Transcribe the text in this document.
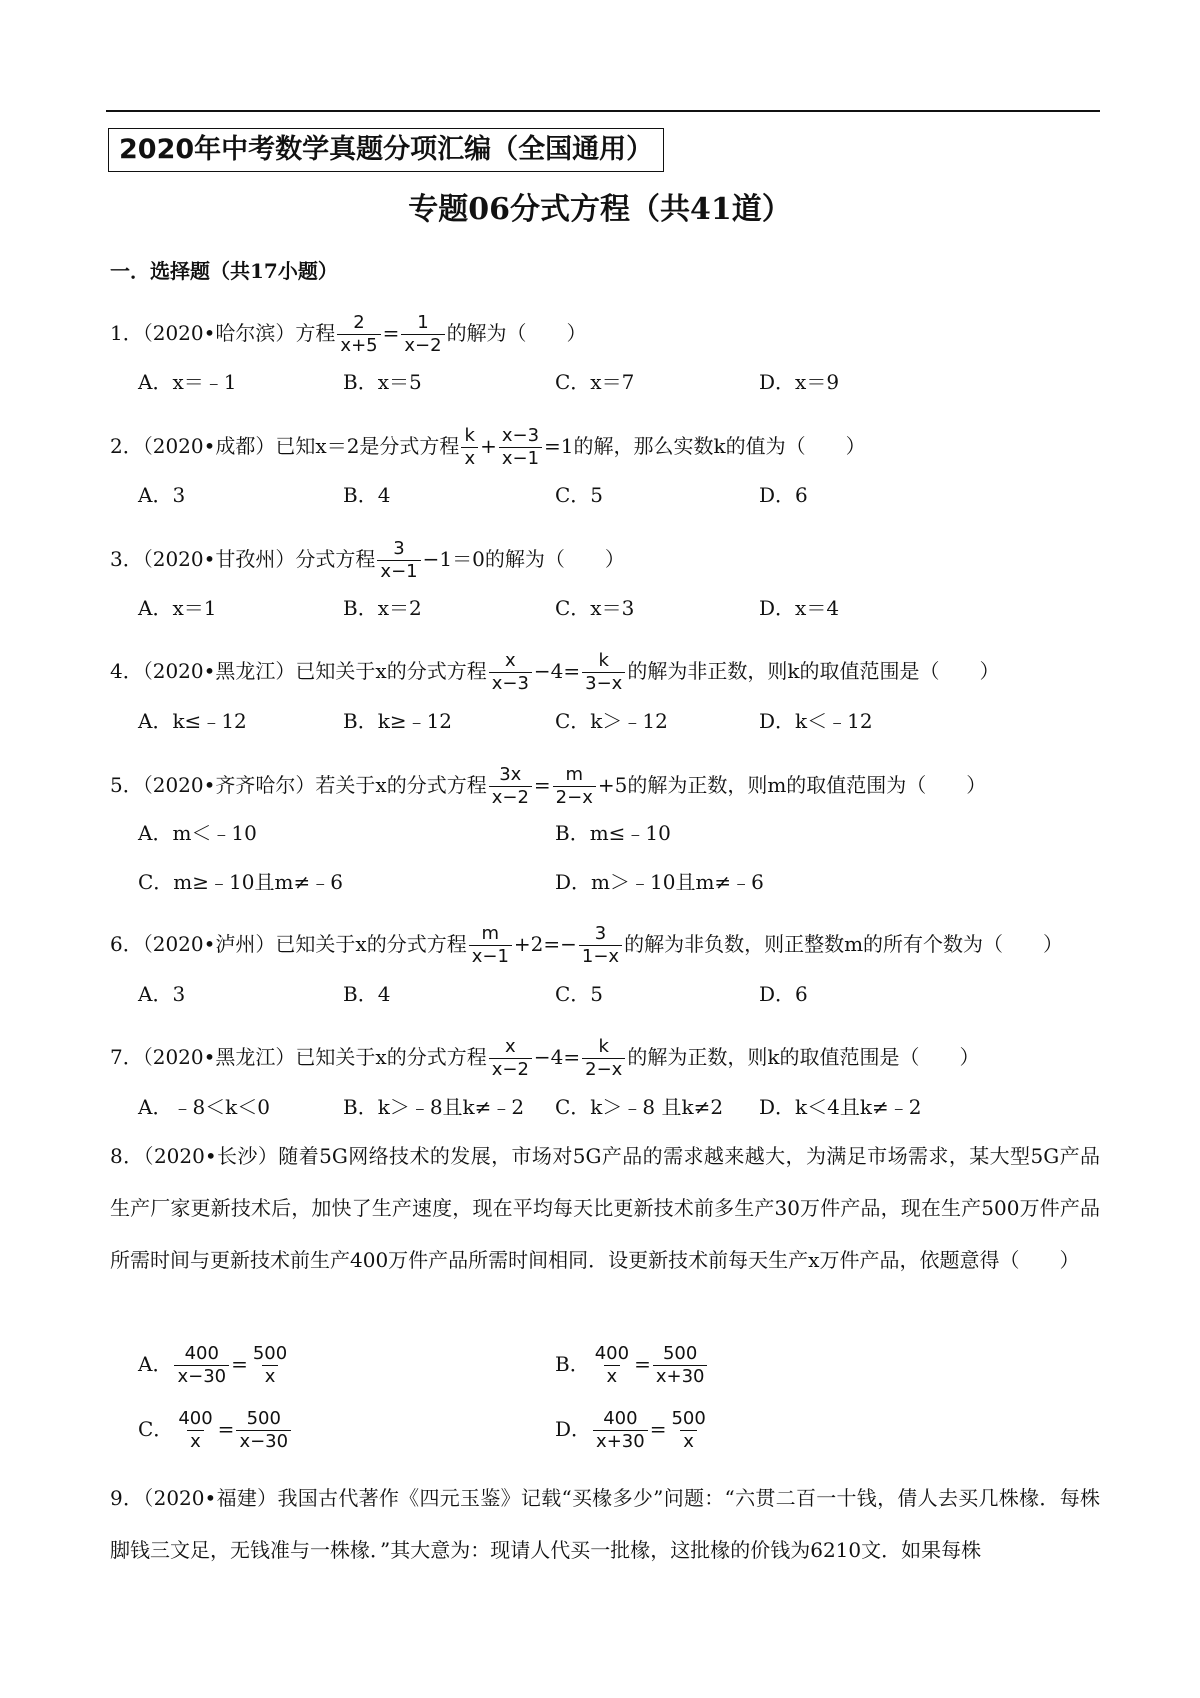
2020年中考数学真题分项汇编（全国通用）
专题06分式方程（共41道）
一．选择题（共17小题）
1．（2020•哈尔滨）方程 $\frac{2}{x+5} = \frac{1}{x-2}$ 的解为（　　）
A．x＝﹣1	B．x＝5	C．x＝7	D．x＝9
2．（2020•成都）已知x＝2是分式方程 $\frac{k}{x} + \frac{x-3}{x-1} =1$的解，那么实数k的值为（　　）
A．3	B．4	C．5	D．6
3．（2020•甘孜州）分式方程 $\frac{3}{x-1} -1=0$的解为（　　）
A．x＝1	B．x＝2	C．x＝3	D．x＝4
4．（2020•黑龙江）已知关于x的分式方程 $\frac{x}{x-3} -4= \frac{k}{3-x}$ 的解为非正数，则k的取值范围是（　　）
A．k≤﹣12	B．k≥﹣12	C．k＞﹣12	D．k＜﹣12
5．（2020•齐齐哈尔）若关于x的分式方程 $\frac{3x}{x-2} = \frac{m}{2-x} +5$的解为正数，则m的取值范围为（　　）
A．m＜﹣10	B．m≤﹣10
C．m≥﹣10且m≠﹣6	D．m＞﹣10且m≠﹣6
6．（2020•泸州）已知关于x的分式方程 $\frac{m}{x-1} +2=- \frac{3}{1-x}$ 的解为非负数，则正整数m的所有个数为（　　）
A．3	B．4	C．5	D．6
7．（2020•黑龙江）已知关于x的分式方程 $\frac{x}{x-2} -4= \frac{k}{2-x}$ 的解为正数，则k的取值范围是（　　）
A．﹣8＜k＜0	B．k＞﹣8且k≠﹣2 C．k＞﹣8 且k≠2 D．k＜4且k≠﹣2
8．（2020•长沙）随着5G网络技术的发展，市场对5G产品的需求越来越大，为满足市场需求，某大型5G产品生产厂家更新技术后，加快了生产速度，现在平均每天比更新技术前多生产30万件产品，现在生产500万件产品所需时间与更新技术前生产400万件产品所需时间相同．设更新技术前每天生产x万件产品，依题意得（　　）
A． $\frac{400}{x-30} = \frac{500}{x}$	B． $\frac{400}{x} = \frac{500}{x+30}$
C． $\frac{400}{x} = \frac{500}{x-30}$	D． $\frac{400}{x+30} = \frac{500}{x}$
9．（2020•福建）我国古代著作《四元玉鉴》记载“买椽多少”问题：“六贯二百一十钱，倩人去买几株椽．每株脚钱三文足，无钱准与一株椽．”其大意为：现请人代买一批椽，这批椽的价钱为6210文．如果每株
